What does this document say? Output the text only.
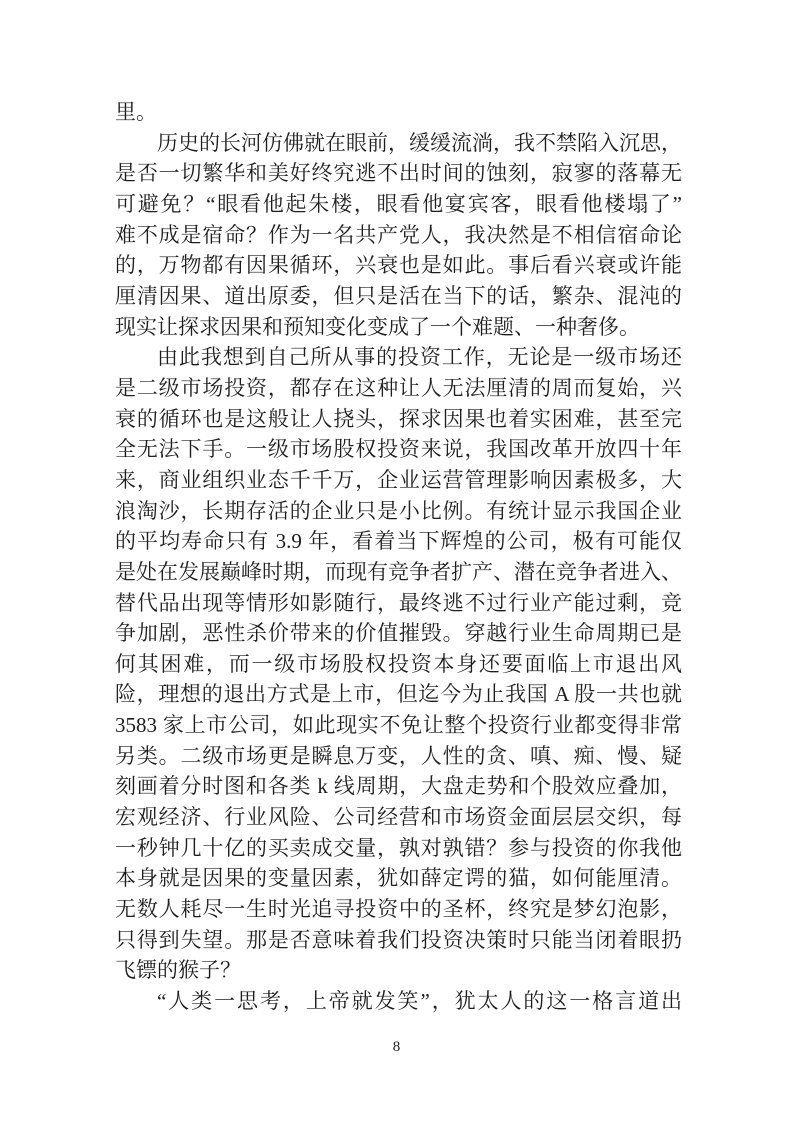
里。
历史的长河仿佛就在眼前，缓缓流淌，我不禁陷入沉思，
是否一切繁华和美好终究逃不出时间的蚀刻，寂寥的落幕无
可避免？“眼看他起朱楼，眼看他宴宾客，眼看他楼塌了”
难不成是宿命？作为一名共产党人，我决然是不相信宿命论
的，万物都有因果循环，兴衰也是如此。事后看兴衰或许能
厘清因果、道出原委，但只是活在当下的话，繁杂、混沌的
现实让探求因果和预知变化变成了一个难题、一种奢侈。
由此我想到自己所从事的投资工作，无论是一级市场还
是二级市场投资，都存在这种让人无法厘清的周而复始，兴
衰的循环也是这般让人挠头，探求因果也着实困难，甚至完
全无法下手。一级市场股权投资来说，我国改革开放四十年
来，商业组织业态千千万，企业运营管理影响因素极多，大
浪淘沙，长期存活的企业只是小比例。有统计显示我国企业
的平均寿命只有 3.9 年，看着当下辉煌的公司，极有可能仅
是处在发展巅峰时期，而现有竞争者扩产、潜在竞争者进入、
替代品出现等情形如影随行，最终逃不过行业产能过剩，竞
争加剧，恶性杀价带来的价值摧毁。穿越行业生命周期已是
何其困难，而一级市场股权投资本身还要面临上市退出风
险，理想的退出方式是上市，但迄今为止我国 A 股一共也就
3583 家上市公司，如此现实不免让整个投资行业都变得非常
另类。二级市场更是瞬息万变，人性的贪、嗔、痴、慢、疑
刻画着分时图和各类 k 线周期，大盘走势和个股效应叠加，
宏观经济、行业风险、公司经营和市场资金面层层交织，每
一秒钟几十亿的买卖成交量，孰对孰错？参与投资的你我他
本身就是因果的变量因素，犹如薛定谔的猫，如何能厘清。
无数人耗尽一生时光追寻投资中的圣杯，终究是梦幻泡影，
只得到失望。那是否意味着我们投资决策时只能当闭着眼扔
飞镖的猴子？
“人类一思考，上帝就发笑”，犹太人的这一格言道出
8
